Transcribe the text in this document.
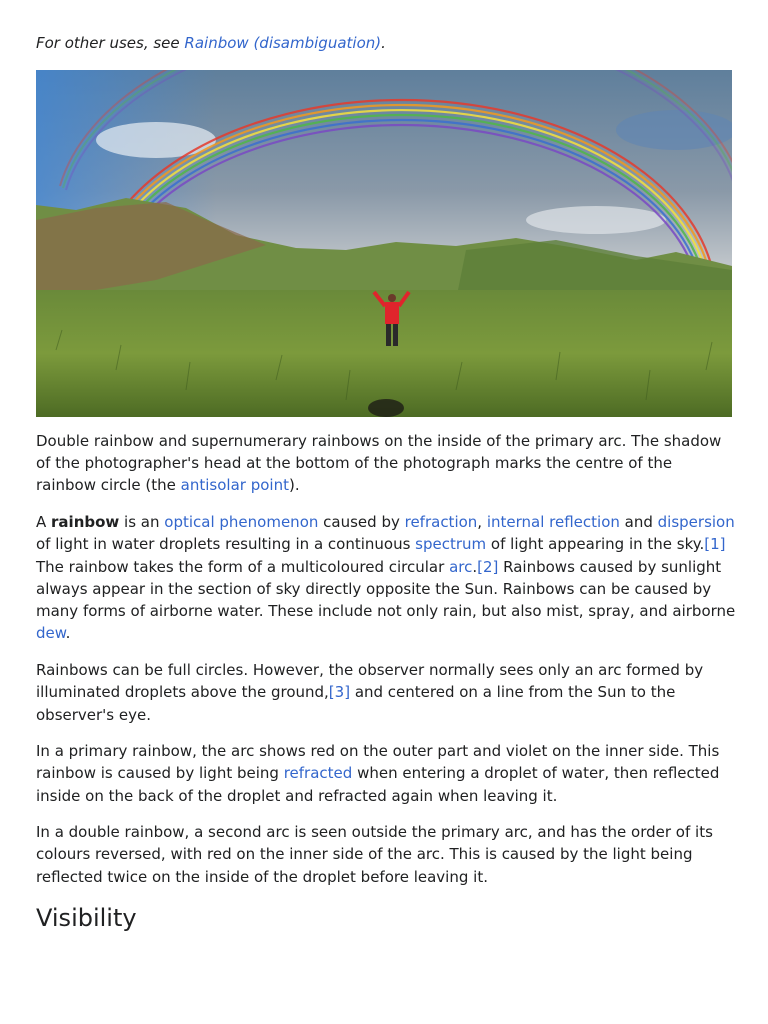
For other uses, see Rainbow (disambiguation).
Double rainbow and supernumerary rainbows on the inside of the primary arc. The shadow of the photographer's head at the bottom of the photograph marks the centre of the rainbow circle (the antisolar point).

A rainbow is an optical phenomenon caused by refraction, internal reflection and dispersion of light in water droplets resulting in a continuous spectrum of light appearing in the sky.[1] The rainbow takes the form of a multicoloured circular arc.[2] Rainbows caused by sunlight always appear in the section of sky directly opposite the Sun. Rainbows can be caused by many forms of airborne water. These include not only rain, but also mist, spray, and airborne dew.

Rainbows can be full circles. However, the observer normally sees only an arc formed by illuminated droplets above the ground,[3] and centered on a line from the Sun to the observer's eye.

In a primary rainbow, the arc shows red on the outer part and violet on the inner side. This rainbow is caused by light being refracted when entering a droplet of water, then reflected inside on the back of the droplet and refracted again when leaving it.

In a double rainbow, a second arc is seen outside the primary arc, and has the order of its colours reversed, with red on the inner side of the arc. This is caused by the light being reflected twice on the inside of the droplet before leaving it.

Visibility
